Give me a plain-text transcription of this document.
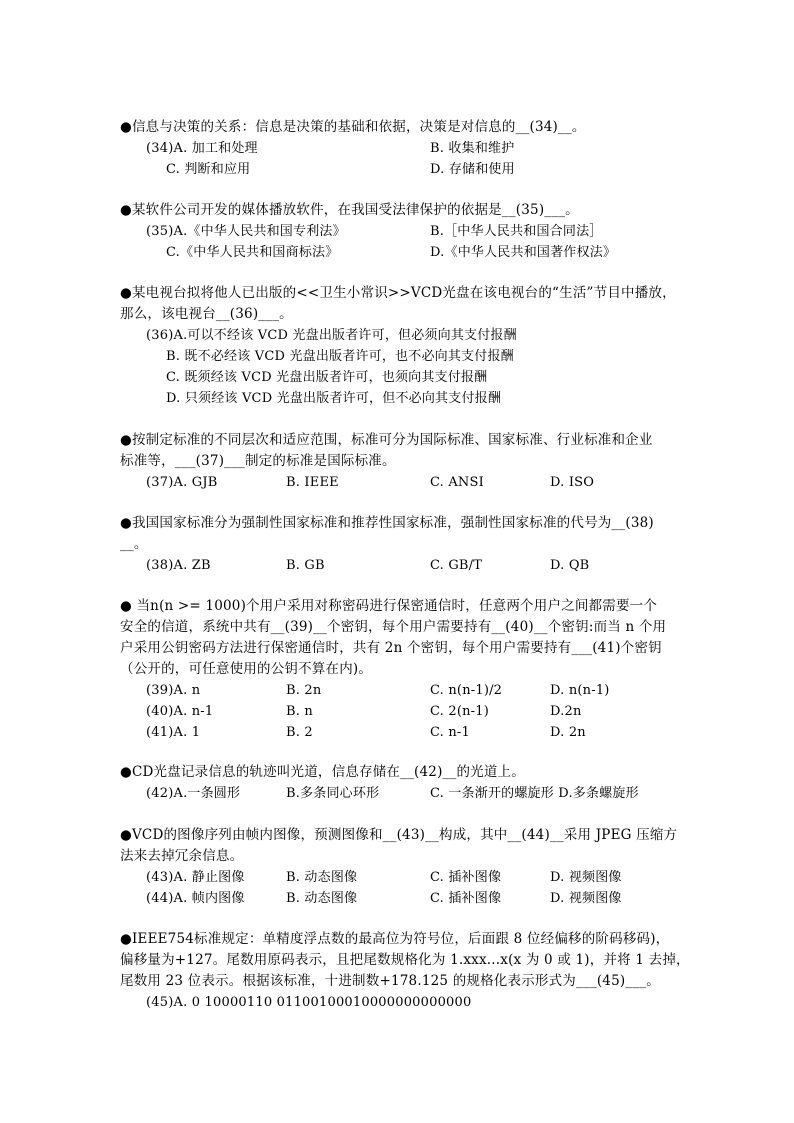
●信息与决策的关系：信息是决策的基础和依据，决策是对信息的__(34)__。
(34)A. 加工和处理	B. 收集和维护
C. 判断和应用	D. 存储和使用
●某软件公司开发的媒体播放软件，在我国受法律保护的依据是__(35)___。
(35)A.《中华人民共和国专利法》	B.［中华人民共和国合同法］
C.《中华人民共和国商标法》	D.《中华人民共和国著作权法》
●某电视台拟将他人已出版的<<卫生小常识>>VCD光盘在该电视台的“生活”节目中播放，
那么，该电视台__(36)___。
(36)A.可以不经该 VCD 光盘出版者许可，但必须向其支付报酬
B. 既不必经该 VCD 光盘出版者许可，也不必向其支付报酬
C. 既须经该 VCD 光盘出版者许可，也须向其支付报酬
D. 只须经该 VCD 光盘出版者许可，但不必向其支付报酬
●按制定标准的不同层次和适应范围，标准可分为国际标准、国家标准、行业标准和企业
标准等，___(37)___制定的标准是国际标准。
(37)A. GJB	B. IEEE	C. ANSI	D. ISO
●我国国家标准分为强制性国家标准和推荐性国家标准，强制性国家标准的代号为__(38)
__。
(38)A. ZB	B. GB	C. GB/T	D. QB
● 当n(n >= 1000)个用户采用对称密码进行保密通信时，任意两个用户之间都需要一个
安全的信道，系统中共有__(39)__个密钥，每个用户需要持有__(40)__个密钥:而当 n 个用
户采用公钥密码方法进行保密通信时，共有 2n 个密钥，每个用户需要持有___(41)个密钥
（公开的，可任意使用的公钥不算在内)。
(39)A. n	B. 2n	C. n(n-1)/2	D. n(n-1)
(40)A. n-1	B. n	C. 2(n-1)	D.2n
(41)A. 1	B. 2	C. n-1	D. 2n
●CD光盘记录信息的轨迹叫光道，信息存储在__(42)__的光道上。
(42)A.一条圆形	B.多条同心环形	C. 一条渐开的螺旋形 D.多条螺旋形
●VCD的图像序列由帧内图像，预测图像和__(43)__构成，其中__(44)__采用 JPEG 压缩方
法来去掉冗余信息。
(43)A. 静止图像	B. 动态图像	C. 插补图像	D. 视频图像
(44)A. 帧内图像	B. 动态图像	C. 插补图像	D. 视频图像
●IEEE754标准规定：单精度浮点数的最高位为符号位，后面跟 8 位经偏移的阶码移码)，
偏移量为+127。尾数用原码表示，且把尾数规格化为 1.xxx...x(x 为 0 或 1)，并将 1 去掉，
尾数用 23 位表示。根据该标准，十进制数+178.125 的规格化表示形式为___(45)___。
(45)A. 0 10000110 01100100010000000000000
